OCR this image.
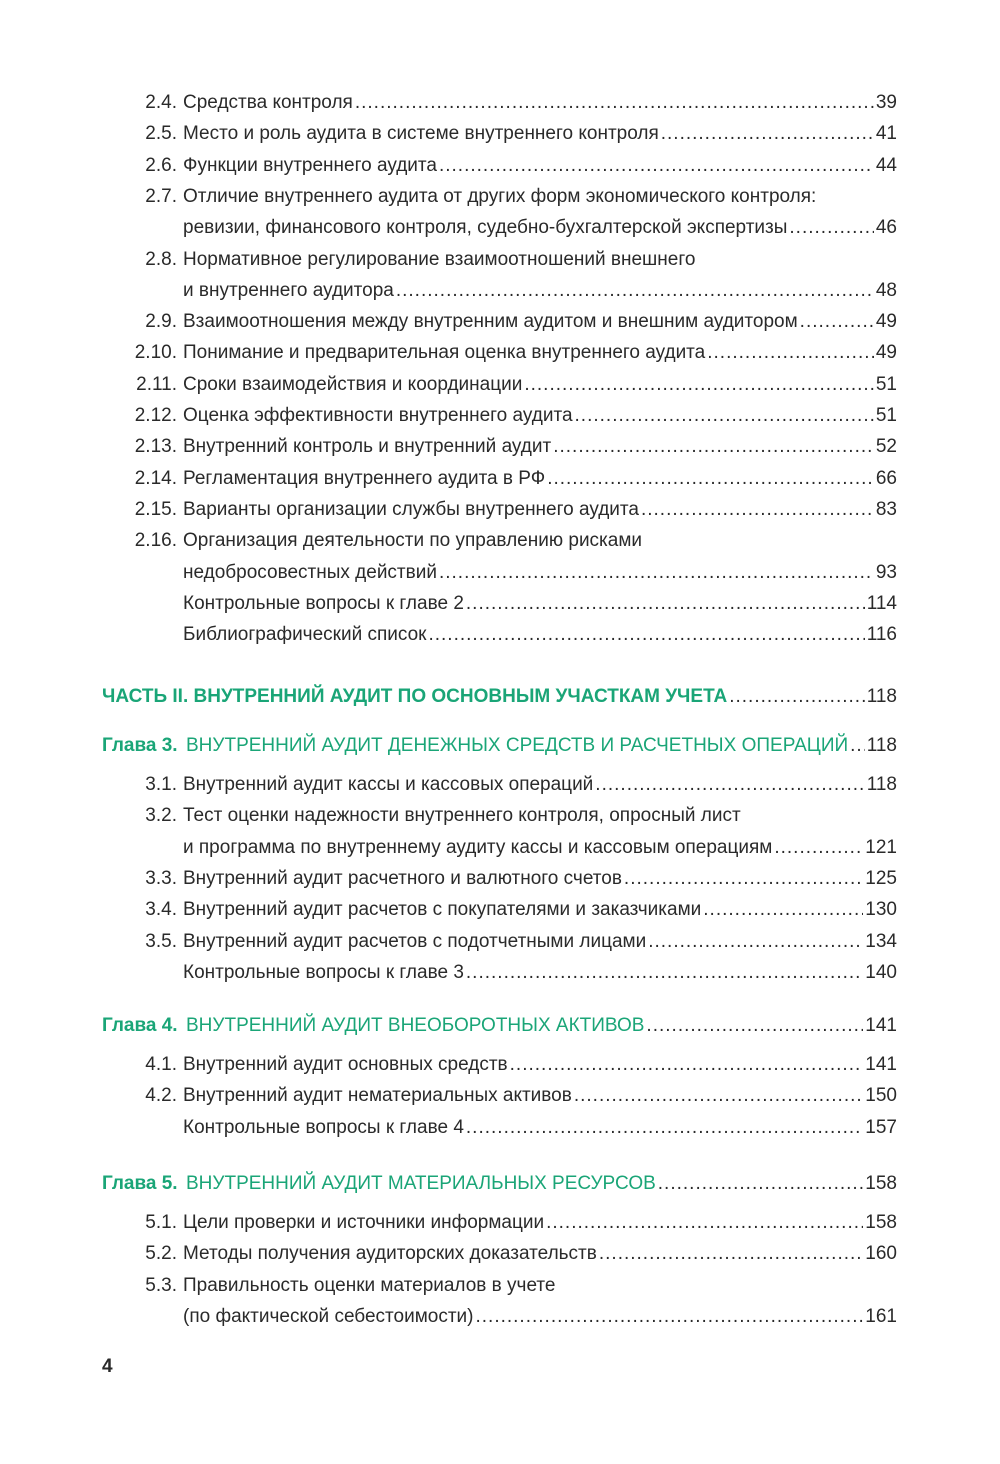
2.4. Средства контроля .....	39
2.5. Место и роль аудита в системе внутреннего контроля .....	41
2.6. Функции внутреннего аудита .....	44
2.7. Отличие внутреннего аудита от других форм экономического контроля:
ревизии, финансового контроля, судебно-бухгалтерской экспертизы .....	46
2.8. Нормативное регулирование взаимоотношений внешнего
и внутреннего аудитора .....	48
2.9. Взаимоотношения между внутренним аудитом и внешним аудитором .....	49
2.10. Понимание и предварительная оценка внутреннего аудита .....	49
2.11. Сроки взаимодействия и координации .....	51
2.12. Оценка эффективности внутреннего аудита .....	51
2.13. Внутренний контроль и внутренний аудит .....	52
2.14. Регламентация внутреннего аудита в РФ .....	66
2.15. Варианты организации службы внутреннего аудита .....	83
2.16. Организация деятельности по управлению рисками
недобросовестных действий .....	93
Контрольные вопросы к главе 2 .....	114
Библиографический список .....	116
ЧАСТЬ II. ВНУТРЕННИЙ АУДИТ ПО ОСНОВНЫМ УЧАСТКАМ УЧЕТА .....	118
Глава 3. ВНУТРЕННИЙ АУДИТ ДЕНЕЖНЫХ СРЕДСТВ И РАСЧЕТНЫХ ОПЕРАЦИЙ ..... 118
3.1. Внутренний аудит кассы и кассовых операций .....	118
3.2. Тест оценки надежности внутреннего контроля, опросный лист
и программа по внутреннему аудиту кассы и кассовым операциям .....	121
3.3. Внутренний аудит расчетного и валютного счетов .....	125
3.4. Внутренний аудит расчетов с покупателями и заказчиками .....	130
3.5. Внутренний аудит расчетов с подотчетными лицами .....	134
Контрольные вопросы к главе 3 .....	140
Глава 4. ВНУТРЕННИЙ АУДИТ ВНЕОБОРОТНЫХ АКТИВОВ .....	141
4.1. Внутренний аудит основных средств .....	141
4.2. Внутренний аудит нематериальных активов .....	150
Контрольные вопросы к главе 4 .....	157
Глава 5. ВНУТРЕННИЙ АУДИТ МАТЕРИАЛЬНЫХ РЕСУРСОВ .....	158
5.1. Цели проверки и источники информации .....	158
5.2. Методы получения аудиторских доказательств .....	160
5.3. Правильность оценки материалов в учете
(по фактической себестоимости) .....	161
4
